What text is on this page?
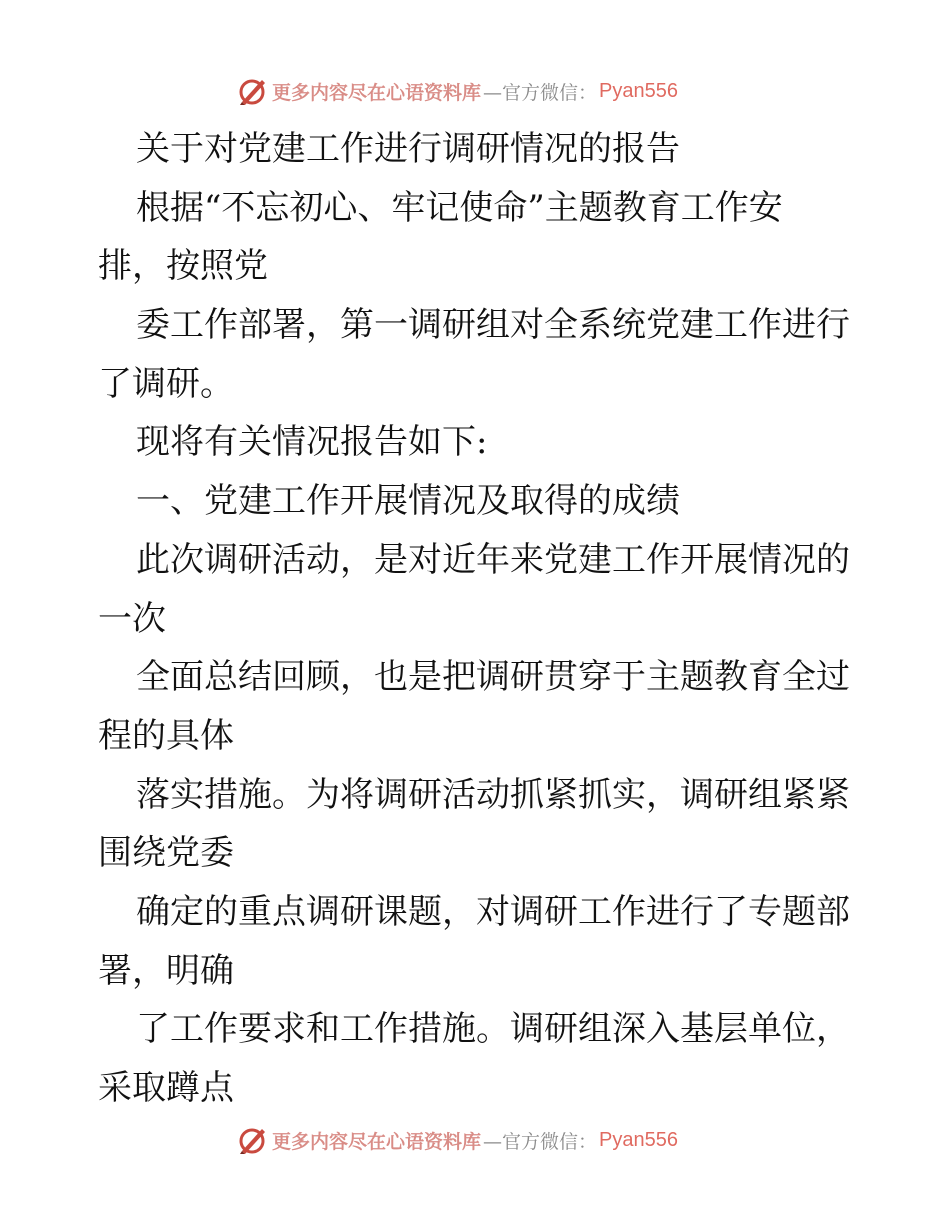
更多内容尽在心语资料库 —官方微信： Pyan556
关于对党建工作进行调研情况的报告
根据“不忘初心、牢记使命”主题教育工作安
排，按照党
委工作部署，第一调研组对全系统党建工作进行
了调研。
现将有关情况报告如下:
一、党建工作开展情况及取得的成绩
此次调研活动，是对近年来党建工作开展情况的
一次
全面总结回顾，也是把调研贯穿于主题教育全过
程的具体
落实措施。为将调研活动抓紧抓实，调研组紧紧
围绕党委
确定的重点调研课题，对调研工作进行了专题部
署，明确
了工作要求和工作措施。调研组深入基层单位，
采取蹲点
更多内容尽在心语资料库 —官方微信： Pyan556
